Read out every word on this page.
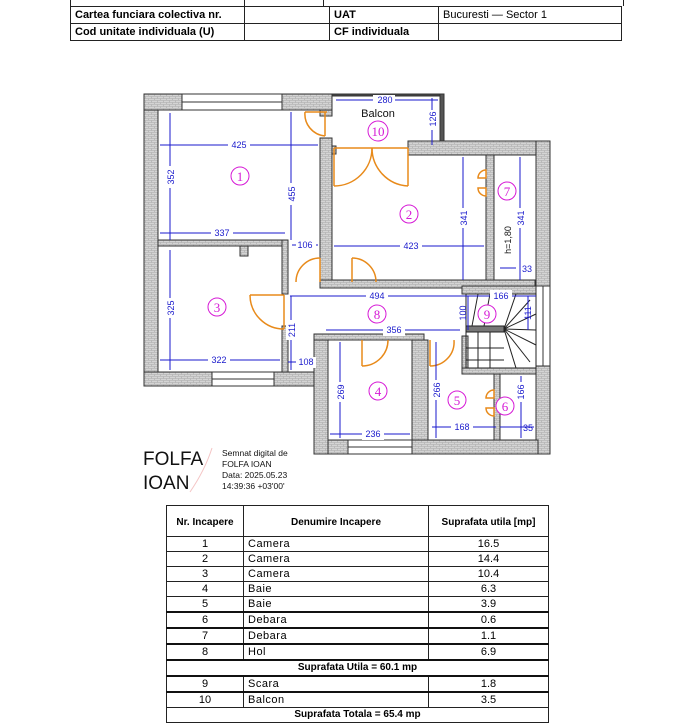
Cartea funciara colectiva nr.		UAT	Bucuresti — Sector 1
Cod unitate individuala (U)		CF individuala	
425
352
337
455
106	423
280
126
341	341
33
h=1,80
325
322
211
108
494
356
166
100	111
269
236
266
168
166
35
Balcon
1
2
3
4
5	6
7
8	9
10
FOLFA
IOAN
Semnat digital de
FOLFA IOAN
Data: 2025.05.23
14:39:36 +03'00'
Nr. Incapere	Denumire Incapere	Suprafata utila [mp]
1	Camera	16.5
2	Camera	14.4
3	Camera	10.4
4	Baie	6.3
5	Baie	3.9
6	Debara	0.6
7	Debara	1.1
8	Hol	6.9
Suprafata Utila = 60.1 mp		
9	Scara	1.8
10	Balcon	3.5
Suprafata Totala = 65.4 mp		
